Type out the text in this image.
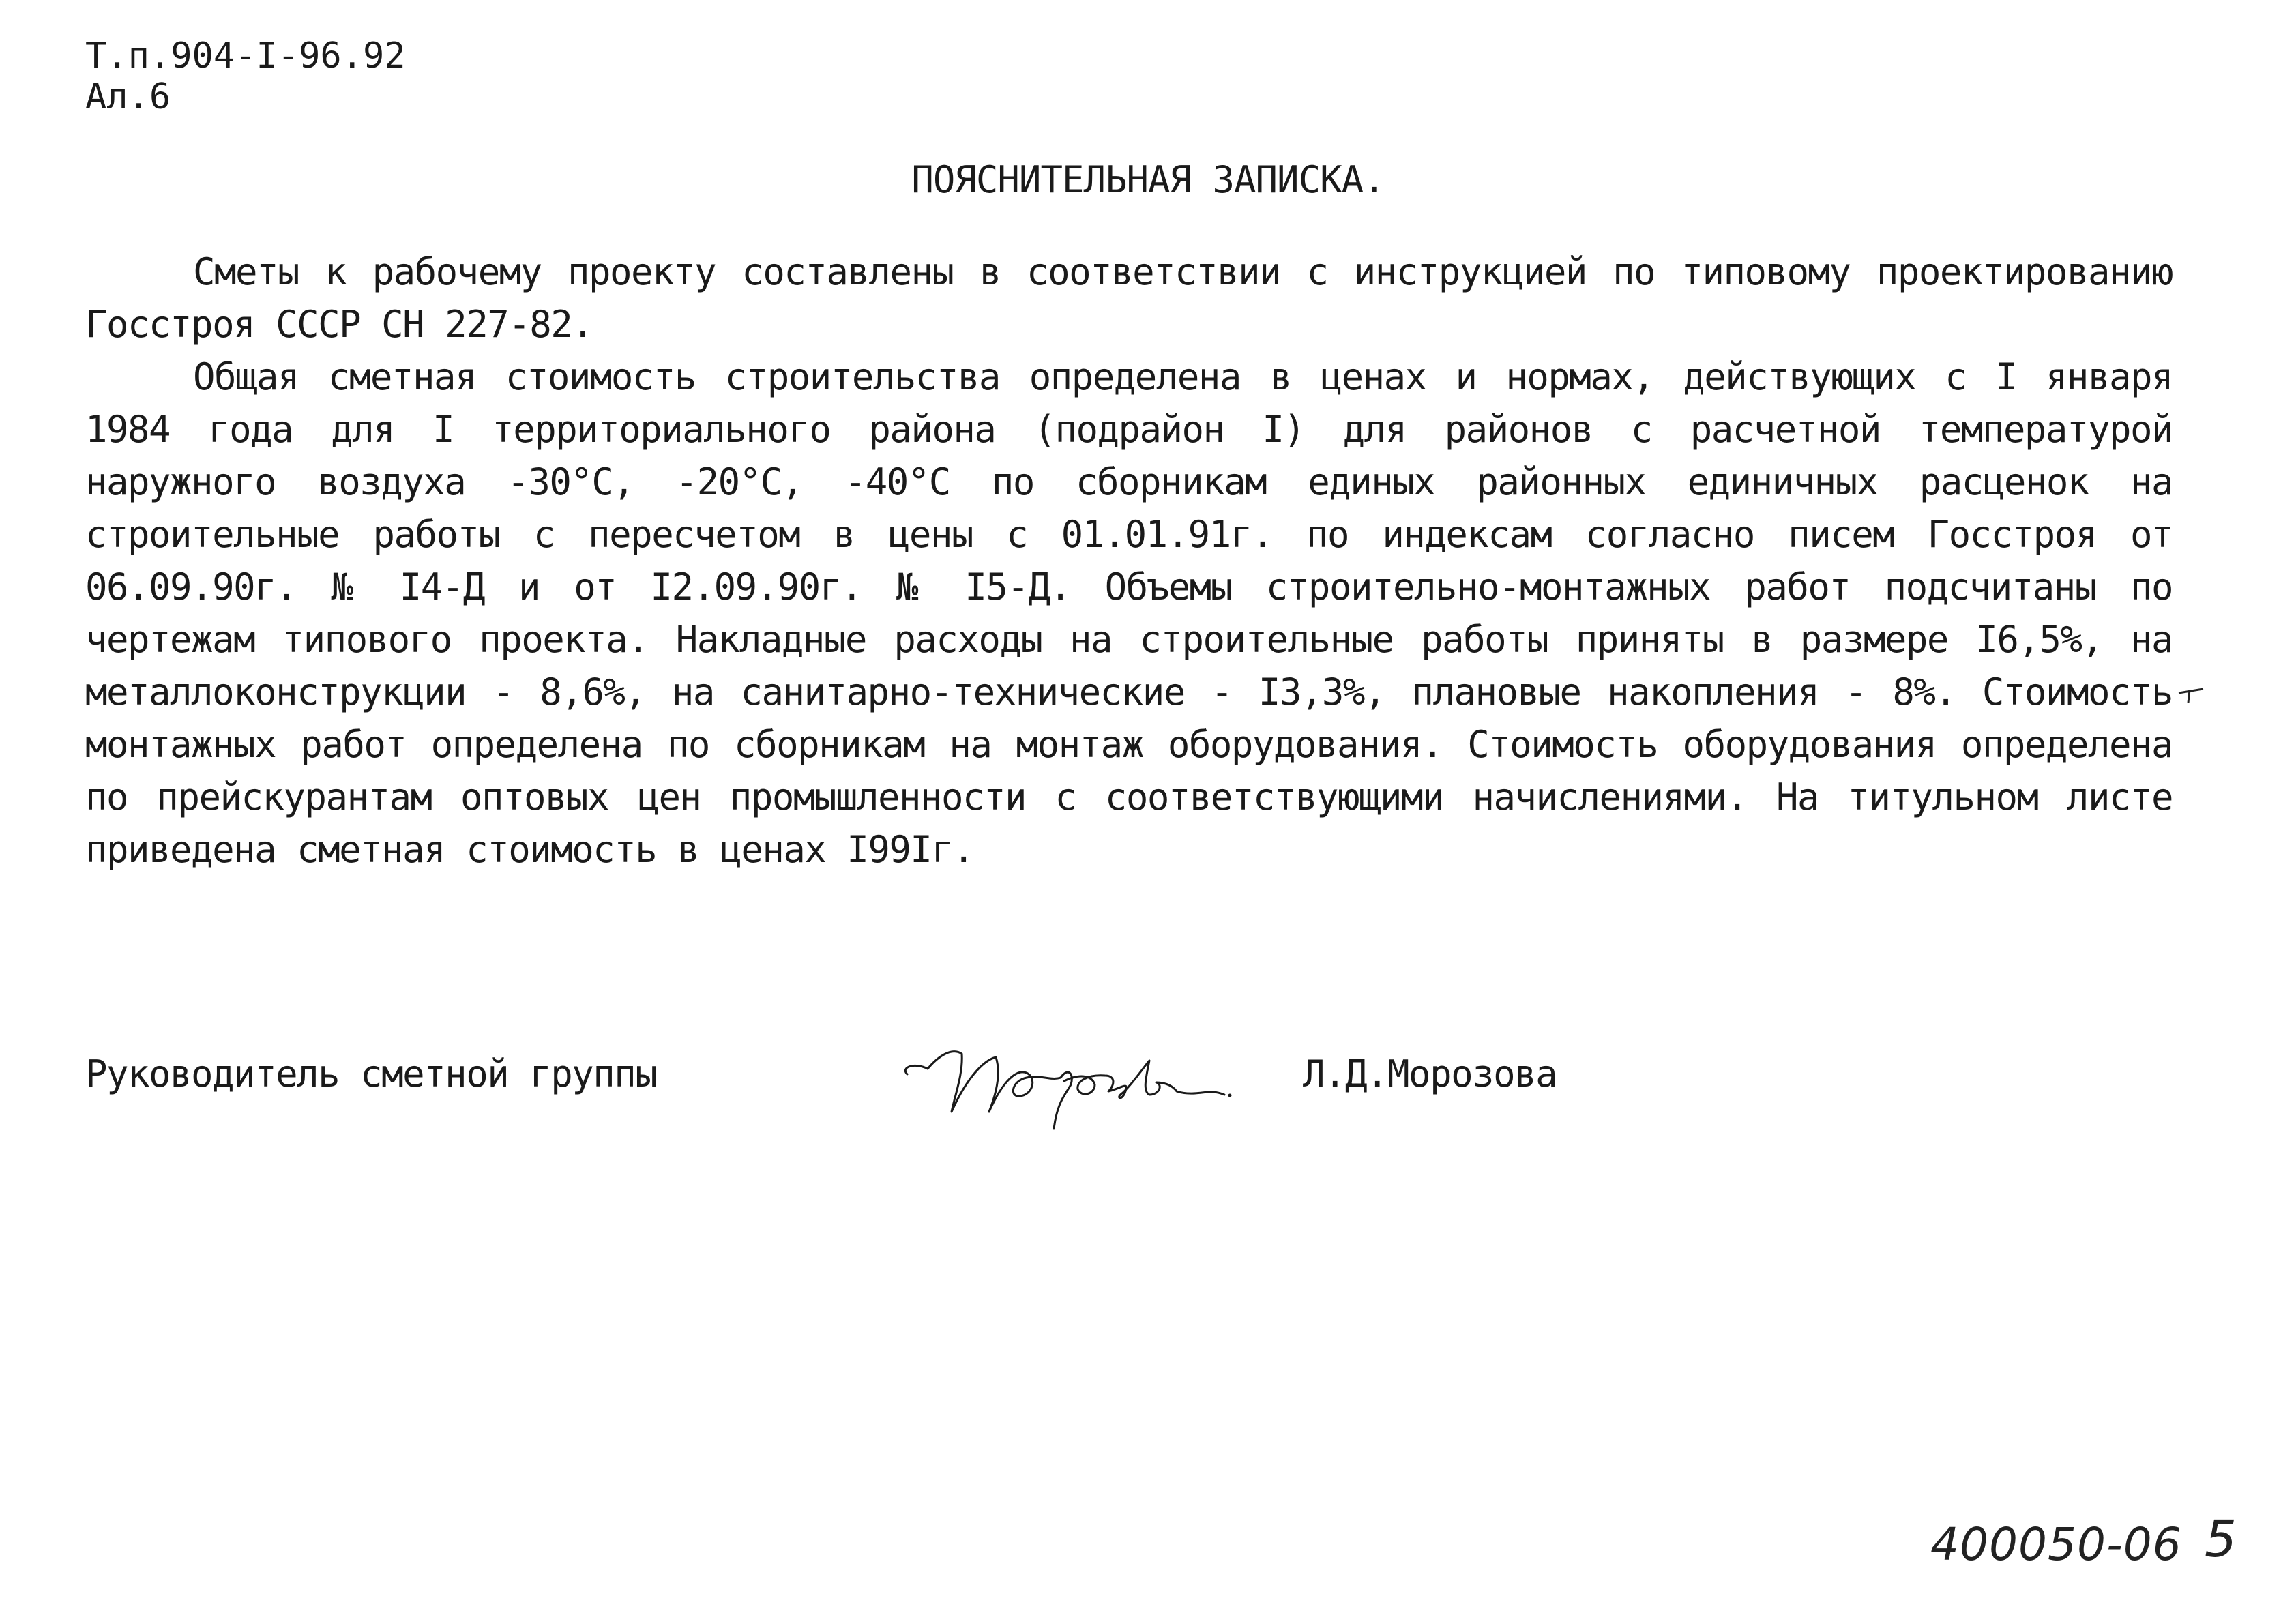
Т.п.904-I-96.92
Ал.6
ПОЯСНИТЕЛЬНАЯ ЗАПИСКА.

Сметы к рабочему проекту составлены в соответствии с инструкцией по типовому проектированию Госстроя СССР СН 227-82.

Общая сметная стоимость строительства определена в ценах и нормах, действующих с I января 1984 года для I территориального района (подрайон I) для районов с расчетной температурой наружного воздуха -30°С, -20°С, -40°С по сборникам единых районных единичных расценок на строительные работы с пересчетом в цены с 01.01.91г. по индексам согласно писем Госстроя от 06.09.90г. № I4-Д и от I2.09.90г. № I5-Д. Объемы строительно-монтажных работ подсчитаны по чертежам типового проекта. Накладные расходы на строительные работы приняты в размере I6,5%, на металлоконструкции - 8,6%, на санитарно-технические - I3,3%, плановые накопления - 8%. Стоимость монтажных работ определена по сборникам на монтаж оборудования. Стоимость оборудования определена по прейскурантам оптовых цен промышленности с соответствующими начислениями. На титульном листе приведена сметная стоимость в ценах I99Iг.

Руководитель сметной группы	Л.Д.Морозова
400050-06 5
